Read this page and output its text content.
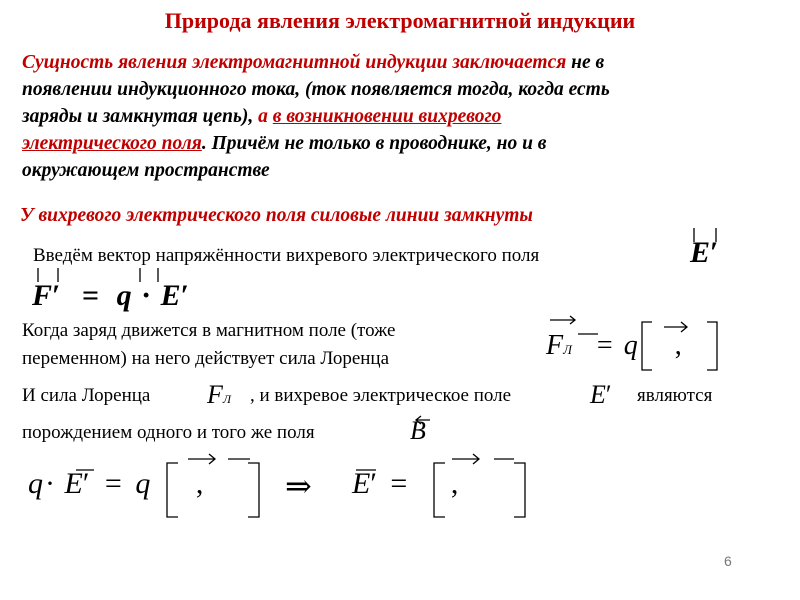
Природа явления электромагнитной индукции
Сущность явления электромагнитной индукции заключается не в
появлении индукционного тока, (ток появляется тогда, когда есть
заряды и замкнутая цепь), а в возникновении вихревого
электрического поля. Причём не только в проводнике, но и в
окружающем пространстве
У вихревого электрического поля силовые линии замкнуты
Введём вектор напряжённости вихревого электрического поля	E′
F′ = q · E′
Когда заряд движется в магнитном поле (тоже
переменном) на него действует сила Лоренца	FЛ = q ,
И сила Лоренца	, и вихревое электрическое поле	являются
порождением одного и того же поля
FЛ	E′
B
q· E′ = q ,	⇒ E′ = ,
6
